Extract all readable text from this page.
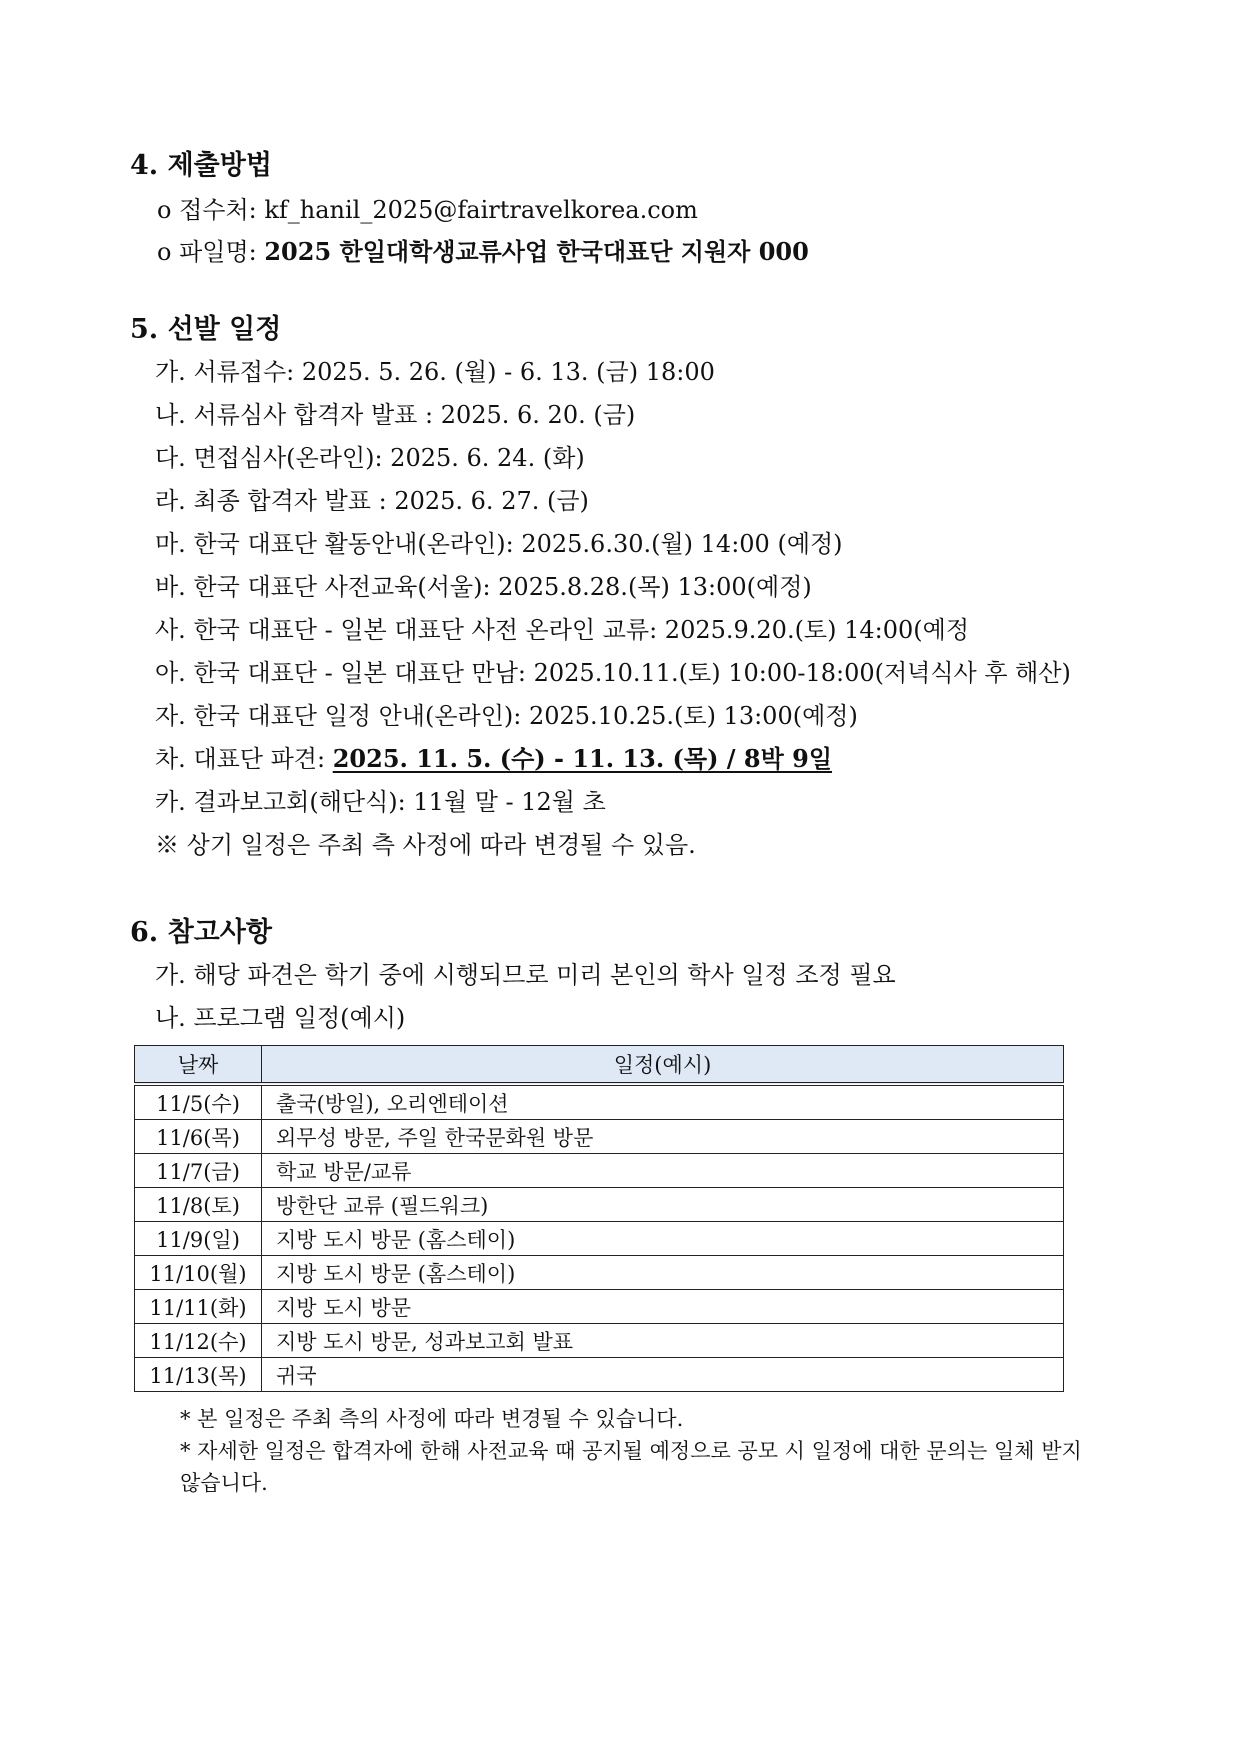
4. 제출방법
o 접수처: kf_hanil_2025@fairtravelkorea.com
o 파일명: 2025 한일대학생교류사업 한국대표단 지원자 000
5. 선발 일정
가. 서류접수: 2025. 5. 26. (월) - 6. 13. (금) 18:00
나. 서류심사 합격자 발표 : 2025. 6. 20. (금)
다. 면접심사(온라인): 2025. 6. 24. (화)
라. 최종 합격자 발표 : 2025. 6. 27. (금)
마. 한국 대표단 활동안내(온라인): 2025.6.30.(월) 14:00 (예정)
바. 한국 대표단 사전교육(서울): 2025.8.28.(목) 13:00(예정)
사. 한국 대표단 - 일본 대표단 사전 온라인 교류: 2025.9.20.(토) 14:00(예정
아. 한국 대표단 - 일본 대표단 만남: 2025.10.11.(토) 10:00-18:00(저녁식사 후 해산)
자. 한국 대표단 일정 안내(온라인): 2025.10.25.(토) 13:00(예정)
차. 대표단 파견: 2025. 11. 5. (수) - 11. 13. (목) / 8박 9일
카. 결과보고회(해단식): 11월 말 - 12월 초
※ 상기 일정은 주최 측 사정에 따라 변경될 수 있음.
6. 참고사항
가. 해당 파견은 학기 중에 시행되므로 미리 본인의 학사 일정 조정 필요
나. 프로그램 일정(예시)
날짜	일정(예시)
11/5(수)	출국(방일), 오리엔테이션
11/6(목)	외무성 방문, 주일 한국문화원 방문
11/7(금)	학교 방문/교류
11/8(토)	방한단 교류 (필드워크)
11/9(일)	지방 도시 방문 (홈스테이)
11/10(월)	지방 도시 방문 (홈스테이)
11/11(화)	지방 도시 방문
11/12(수)	지방 도시 방문, 성과보고회 발표
11/13(목)	귀국
* 본 일정은 주최 측의 사정에 따라 변경될 수 있습니다.
* 자세한 일정은 합격자에 한해 사전교육 때 공지될 예정으로 공모 시 일정에 대한 문의는 일체 받지 않습니다.
